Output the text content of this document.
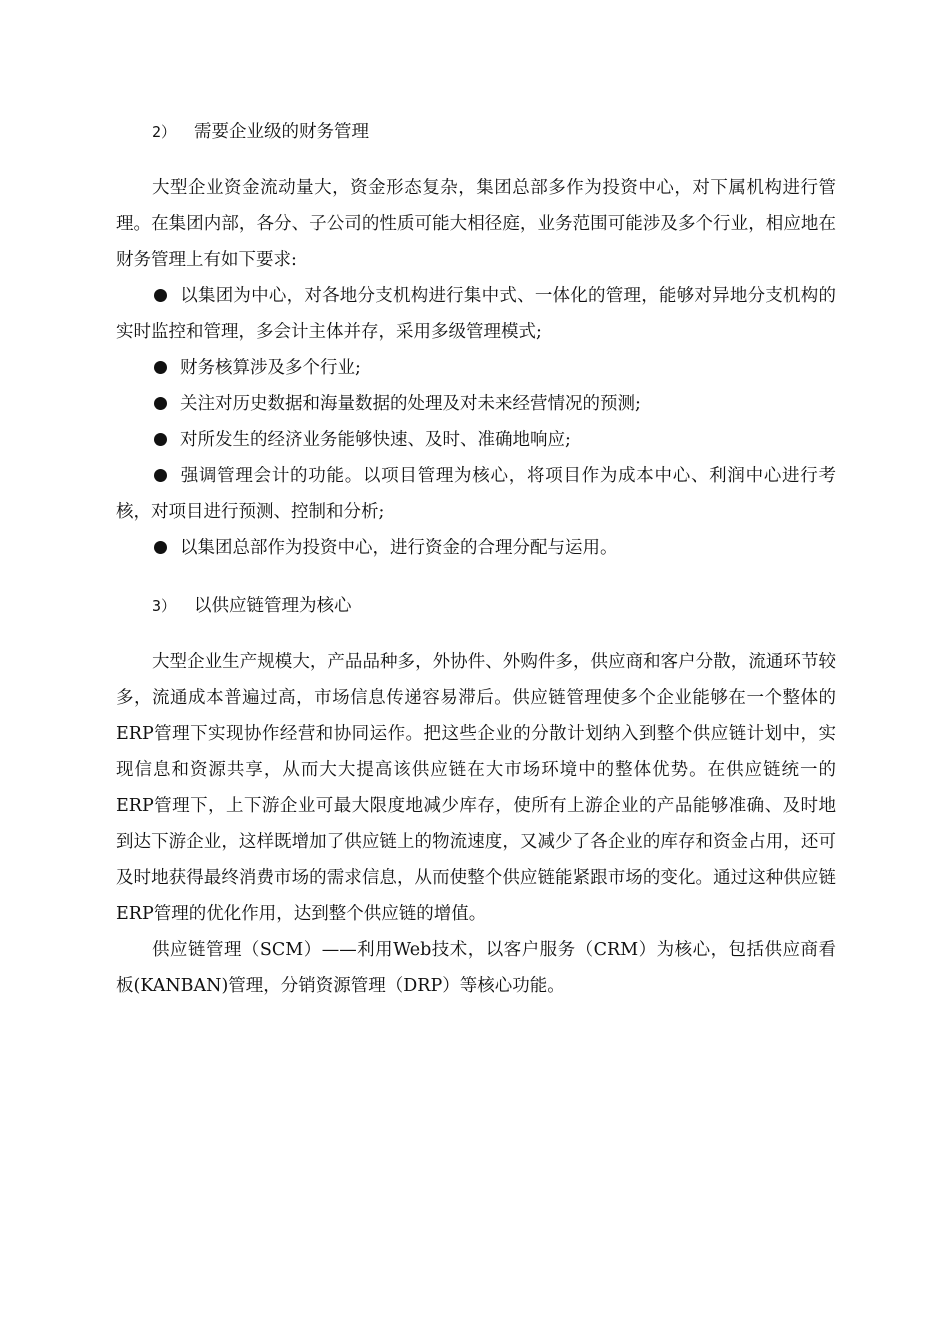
2） 需要企业级的财务管理

大型企业资金流动量大，资金形态复杂，集团总部多作为投资中心，对下属机构进行管理。在集团内部，各分、子公司的性质可能大相径庭，业务范围可能涉及多个行业，相应地在财务管理上有如下要求:

以集团为中心，对各地分支机构进行集中式、一体化的管理，能够对异地分支机构的实时监控和管理，多会计主体并存，采用多级管理模式;

财务核算涉及多个行业;

关注对历史数据和海量数据的处理及对未来经营情况的预测;

对所发生的经济业务能够快速、及时、准确地响应;

强调管理会计的功能。以项目管理为核心，将项目作为成本中心、利润中心进行考核，对项目进行预测、控制和分析;

以集团总部作为投资中心，进行资金的合理分配与运用。

3） 以供应链管理为核心

大型企业生产规模大，产品品种多，外协件、外购件多，供应商和客户分散，流通环节较多，流通成本普遍过高，市场信息传递容易滞后。供应链管理使多个企业能够在一个整体的ERP管理下实现协作经营和协同运作。把这些企业的分散计划纳入到整个供应链计划中，实现信息和资源共享，从而大大提高该供应链在大市场环境中的整体优势。在供应链统一的ERP管理下，上下游企业可最大限度地减少库存，使所有上游企业的产品能够准确、及时地到达下游企业，这样既增加了供应链上的物流速度，又减少了各企业的库存和资金占用，还可及时地获得最终消费市场的需求信息，从而使整个供应链能紧跟市场的变化。通过这种供应链ERP管理的优化作用，达到整个供应链的增值。

供应链管理（SCM）——利用Web技术，以客户服务（CRM）为核心，包括供应商看板(KANBAN)管理，分销资源管理（DRP）等核心功能。
